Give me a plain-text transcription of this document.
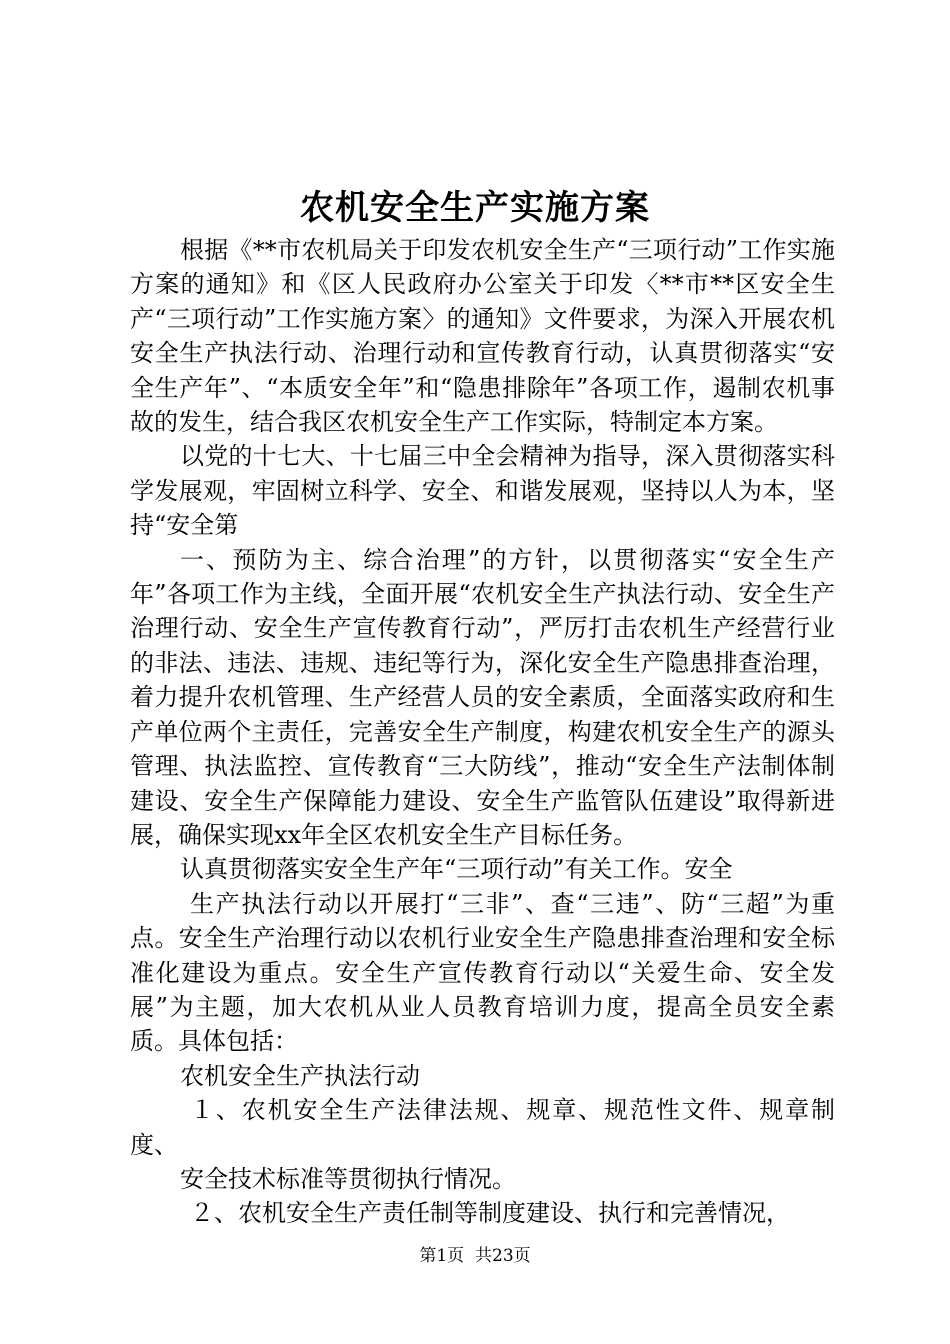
农机安全生产实施方案

根据《**市农机局关于印发农机安全生产“三项行动”工作实施方案的通知》和《区人民政府办公室关于印发〈**市**区安全生产“三项行动”工作实施方案〉的通知》文件要求，为深入开展农机安全生产执法行动、治理行动和宣传教育行动，认真贯彻落实“安全生产年”、“本质安全年”和“隐患排除年”各项工作，遏制农机事故的发生，结合我区农机安全生产工作实际，特制定本方案。

以党的十七大、十七届三中全会精神为指导，深入贯彻落实科学发展观，牢固树立科学、安全、和谐发展观，坚持以人为本，坚持“安全第

一、预防为主、综合治理”的方针，以贯彻落实“安全生产年”各项工作为主线，全面开展“农机安全生产执法行动、安全生产治理行动、安全生产宣传教育行动”，严厉打击农机生产经营行业的非法、违法、违规、违纪等行为，深化安全生产隐患排查治理，着力提升农机管理、生产经营人员的安全素质，全面落实政府和生产单位两个主责任，完善安全生产制度，构建农机安全生产的源头管理、执法监控、宣传教育“三大防线”，推动“安全生产法制体制建设、安全生产保障能力建设、安全生产监管队伍建设”取得新进展，确保实现xx年全区农机安全生产目标任务。

认真贯彻落实安全生产年“三项行动”有关工作。安全

生产执法行动以开展打“三非”、查“三违”、防“三超”为重点。安全生产治理行动以农机行业安全生产隐患排查治理和安全标准化建设为重点。安全生产宣传教育行动以“关爱生命、安全发展”为主题，加大农机从业人员教育培训力度，提高全员安全素质。具体包括：

农机安全生产执法行动

１、农机安全生产法律法规、规章、规范性文件、规章制度、

安全技术标准等贯彻执行情况。

２、农机安全生产责任制等制度建设、执行和完善情况，

第1页 共23页
